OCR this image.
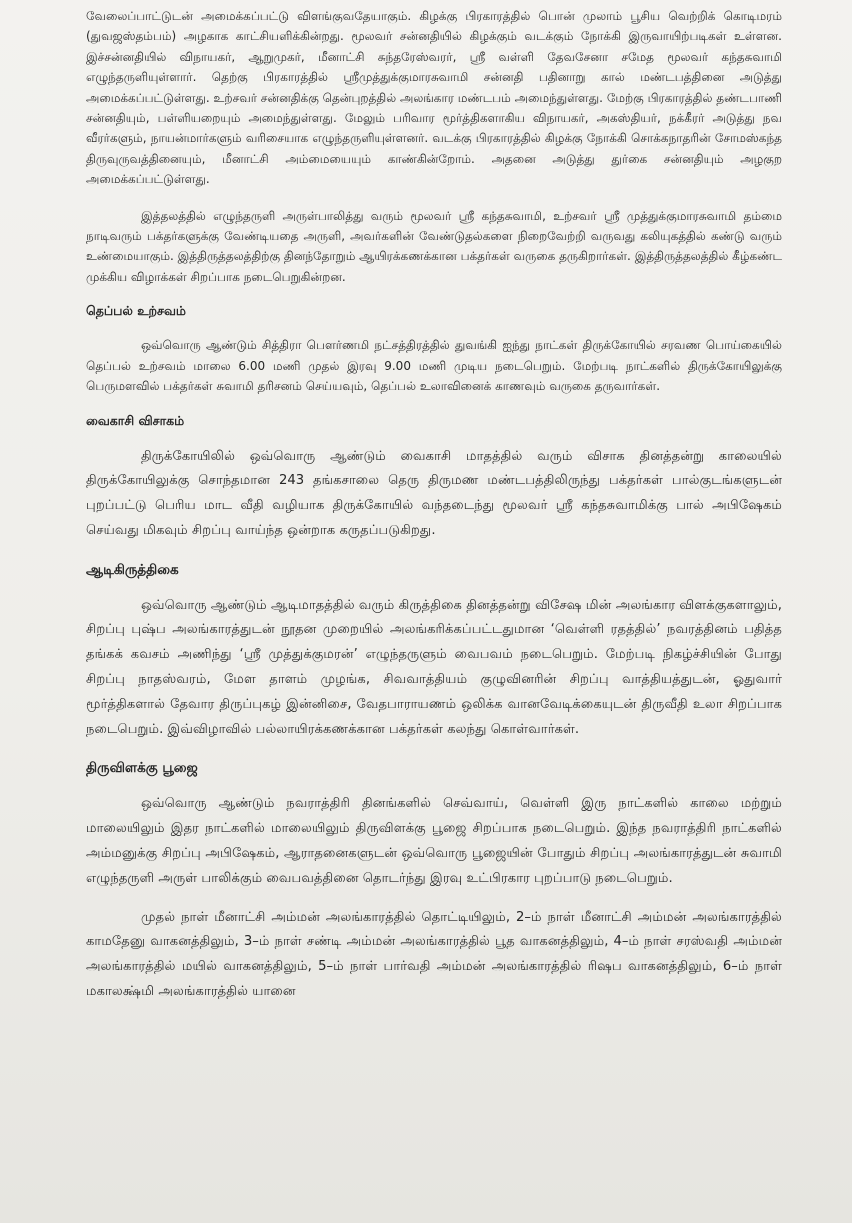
வேலைப்பாட்டுடன் அமைக்கப்பட்டு விளங்குவதேயாகும். கிழக்கு பிரகாரத்தில் பொன் முலாம் பூசிய வெற்றிக் கொடிமரம் (துவஜஸ்தம்பம்) அழகாக காட்சியளிக்கின்றது. மூலவர் சன்னதியில் கிழக்கும் வடக்கும் நோக்கி இருவாயிற்படிகள் உள்ளன. இச்சன்னதியில் விநாயகர், ஆறுமுகர், மீனாட்சி சுந்தரேஸ்வரர், ஸ்ரீ வள்ளி தேவசேனா சமேத மூலவர் கந்தசுவாமி எழுந்தருளியுள்ளார். தெற்கு பிரகாரத்தில் ஸ்ரீமுத்துக்குமாரசுவாமி சன்னதி பதினாறு கால் மண்டபத்தினை அடுத்து அமைக்கப்பட்டுள்ளது. உற்சவர் சன்னதிக்கு தென்புறத்தில் அலங்கார மண்டபம் அமைந்துள்ளது. மேற்கு பிரகாரத்தில் தண்டபாணி சன்னதியும், பள்ளியறையும் அமைந்துள்ளது. மேலும் பரிவார மூர்த்திகளாகிய விநாயகர், அகஸ்தியர், நக்கீரர் அடுத்து நவ வீரர்களும், நாயன்மார்களும் வரிசையாக எழுந்தருளியுள்ளனர். வடக்கு பிரகாரத்தில் கிழக்கு நோக்கி சொக்கநாதரின் சோமஸ்கந்த திருவுருவத்தினையும், மீனாட்சி அம்மையையும் காண்கின்றோம். அதனை அடுத்து துர்கை சன்னதியும் அழகுற அமைக்கப்பட்டுள்ளது.

இத்தலத்தில் எழுந்தருளி அருள்பாலித்து வரும் மூலவர் ஸ்ரீ கந்தசுவாமி, உற்சவர் ஸ்ரீ முத்துக்குமாரசுவாமி தம்மை நாடிவரும் பக்தர்களுக்கு வேண்டியதை அருளி, அவர்களின் வேண்டுதல்களை நிறைவேற்றி வருவது கலியுகத்தில் கண்டு வரும் உண்மையாகும். இத்திருத்தலத்திற்கு தினந்தோறும் ஆயிரக்கணக்கான பக்தர்கள் வருகை தருகிறார்கள். இத்திருத்தலத்தில் கீழ்கண்ட முக்கிய விழாக்கள் சிறப்பாக நடைபெறுகின்றன.

தெப்பல் உற்சவம்

ஒவ்வொரு ஆண்டும் சித்திரா பௌர்ணமி நட்சத்திரத்தில் துவங்கி ஐந்து நாட்கள் திருக்கோயில் சரவண பொய்கையில் தெப்பல் உற்சவம் மாலை 6.00 மணி முதல் இரவு 9.00 மணி முடிய நடைபெறும். மேற்படி நாட்களில் திருக்கோயிலுக்கு பெருமளவில் பக்தர்கள் சுவாமி தரிசனம் செய்யவும், தெப்பல் உலாவினைக் காணவும் வருகை தருவார்கள்.

வைகாசி விசாகம்

திருக்கோயிலில் ஒவ்வொரு ஆண்டும் வைகாசி மாதத்தில் வரும் விசாக தினத்தன்று காலையில் திருக்கோயிலுக்கு சொந்தமான 243 தங்கசாலை தெரு திருமண மண்டபத்திலிருந்து பக்தர்கள் பால்குடங்களுடன் புறப்பட்டு பெரிய மாட வீதி வழியாக திருக்கோயில் வந்தடைந்து மூலவர் ஸ்ரீ கந்தசுவாமிக்கு பால் அபிஷேகம் செய்வது மிகவும் சிறப்பு வாய்ந்த ஒன்றாக கருதப்படுகிறது.

ஆடிகிருத்திகை

ஒவ்வொரு ஆண்டும் ஆடிமாதத்தில் வரும் கிருத்திகை தினத்தன்று விசேஷ மின் அலங்கார விளக்குகளாலும், சிறப்பு புஷ்ப அலங்காரத்துடன் நூதன முறையில் அலங்கரிக்கப்பட்டதுமான ‘வெள்ளி ரதத்தில்’ நவரத்தினம் பதித்த தங்கக் கவசம் அணிந்து ‘ஸ்ரீ முத்துக்குமரன்’ எழுந்தருளும் வைபவம் நடைபெறும். மேற்படி நிகழ்ச்சியின் போது சிறப்பு நாதஸ்வரம், மேள தாளம் முழங்க, சிவவாத்தியம் குழுவினரின் சிறப்பு வாத்தியத்துடன், ஓதுவார் மூர்த்திகளால் தேவார திருப்புகழ் இன்னிசை, வேதபாராயணம் ஒலிக்க வானவேடிக்கையுடன் திருவீதி உலா சிறப்பாக நடைபெறும். இவ்விழாவில் பல்லாயிரக்கணக்கான பக்தர்கள் கலந்து கொள்வார்கள்.

திருவிளக்கு பூஜை

ஒவ்வொரு ஆண்டும் நவராத்திரி தினங்களில் செவ்வாய், வெள்ளி இரு நாட்களில் காலை மற்றும் மாலையிலும் இதர நாட்களில் மாலையிலும் திருவிளக்கு பூஜை சிறப்பாக நடைபெறும். இந்த நவராத்திரி நாட்களில் அம்மனுக்கு சிறப்பு அபிஷேகம், ஆராதனைகளுடன் ஒவ்வொரு பூஜையின் போதும் சிறப்பு அலங்காரத்துடன் சுவாமி எழுந்தருளி அருள் பாலிக்கும் வைபவத்தினை தொடர்ந்து இரவு உட்பிரகார புறப்பாடு நடைபெறும்.

முதல் நாள் மீனாட்சி அம்மன் அலங்காரத்தில் தொட்டியிலும், 2–ம் நாள் மீனாட்சி அம்மன் அலங்காரத்தில் காமதேனு வாகனத்திலும், 3–ம் நாள் சண்டி அம்மன் அலங்காரத்தில் பூத வாகனத்திலும், 4–ம் நாள் சரஸ்வதி அம்மன் அலங்காரத்தில் மயில் வாகனத்திலும், 5–ம் நாள் பார்வதி அம்மன் அலங்காரத்தில் ரிஷப வாகனத்திலும், 6–ம் நாள் மகாலக்ஷ்மி அலங்காரத்தில் யானை
